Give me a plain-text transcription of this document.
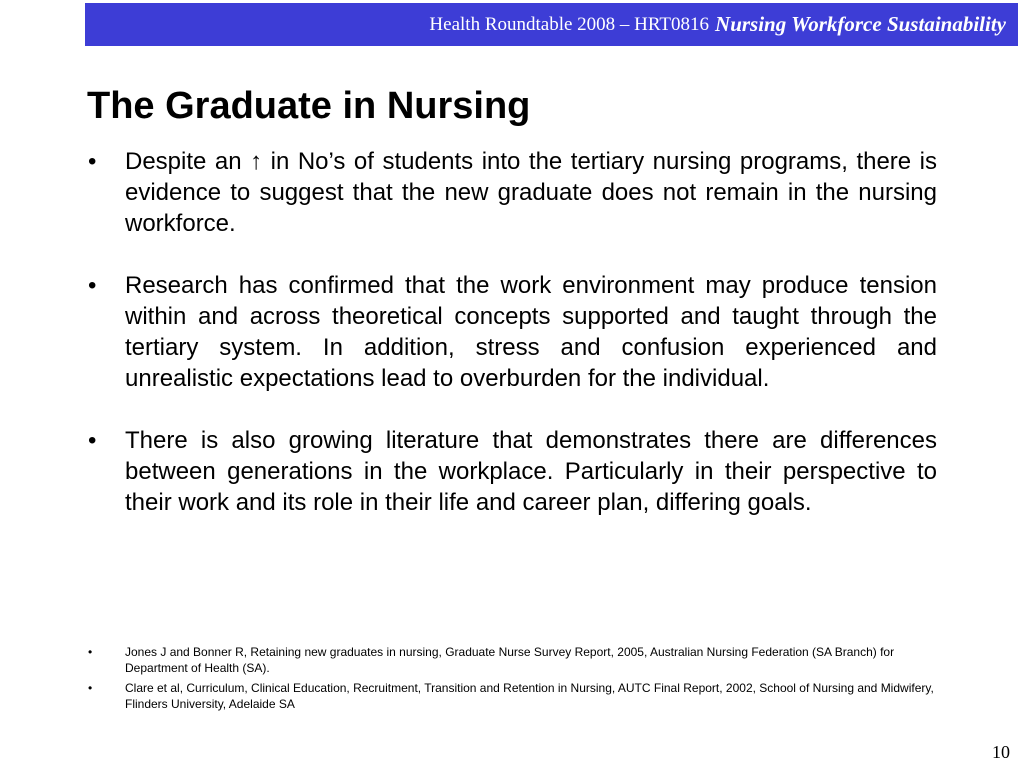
Health Roundtable 2008 – HRT0816 Nursing Workforce Sustainability
The Graduate in Nursing
•	Despite an ↑ in No’s of students into the tertiary nursing programs, there is evidence to suggest that the new graduate does not remain in the nursing workforce.
•	Research has confirmed that the work environment may produce tension within and across theoretical concepts supported and taught through the tertiary system. In addition, stress and confusion experienced and unrealistic expectations lead to overburden for the individual.
•	There is also growing literature that demonstrates there are differences between generations in the workplace. Particularly in their perspective to their work and its role in their life and career plan, differing goals.
•	Jones J and Bonner R, Retaining new graduates in nursing, Graduate Nurse Survey Report, 2005, Australian Nursing Federation (SA Branch) for Department of Health (SA).
•	Clare et al, Curriculum, Clinical Education, Recruitment, Transition and Retention in Nursing, AUTC Final Report, 2002, School of Nursing and Midwifery, Flinders University, Adelaide SA
10
